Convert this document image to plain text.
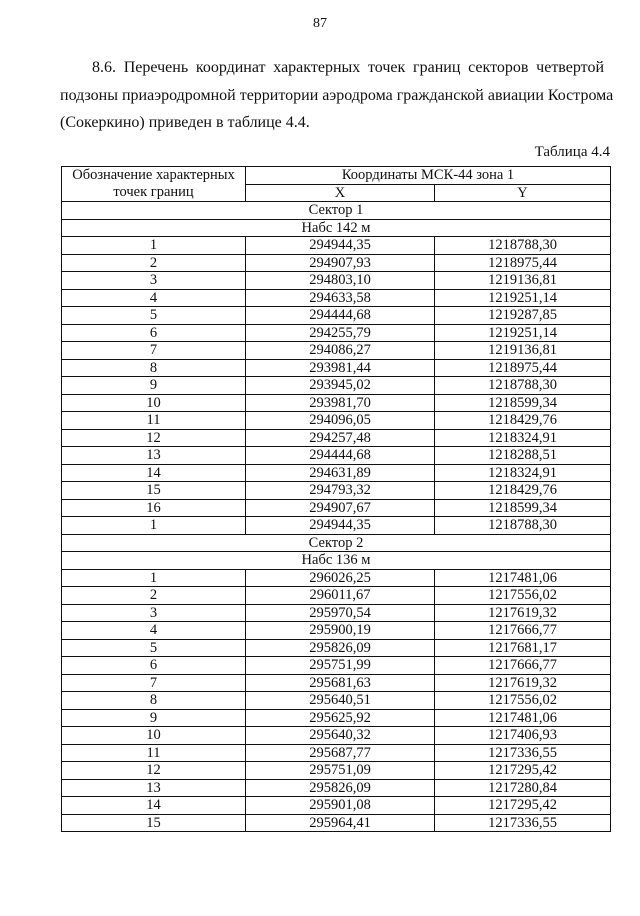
87

8.6. Перечень координат характерных точек границ секторов четвертой
подзоны приаэродромной территории аэродрома гражданской авиации Кострома
(Сокеркино) приведен в таблице 4.4.

Таблица 4.4
Обозначение характерных точек границ	Координаты МСК-44 зона 1	
	X	Y
Сектор 1		
Набс 142 м		
1	294944,35	1218788,30
2	294907,93	1218975,44
3	294803,10	1219136,81
4	294633,58	1219251,14
5	294444,68	1219287,85
6	294255,79	1219251,14
7	294086,27	1219136,81
8	293981,44	1218975,44
9	293945,02	1218788,30
10	293981,70	1218599,34
11	294096,05	1218429,76
12	294257,48	1218324,91
13	294444,68	1218288,51
14	294631,89	1218324,91
15	294793,32	1218429,76
16	294907,67	1218599,34
1	294944,35	1218788,30
Сектор 2		
Набс 136 м		
1	296026,25	1217481,06
2	296011,67	1217556,02
3	295970,54	1217619,32
4	295900,19	1217666,77
5	295826,09	1217681,17
6	295751,99	1217666,77
7	295681,63	1217619,32
8	295640,51	1217556,02
9	295625,92	1217481,06
10	295640,32	1217406,93
11	295687,77	1217336,55
12	295751,09	1217295,42
13	295826,09	1217280,84
14	295901,08	1217295,42
15	295964,41	1217336,55
